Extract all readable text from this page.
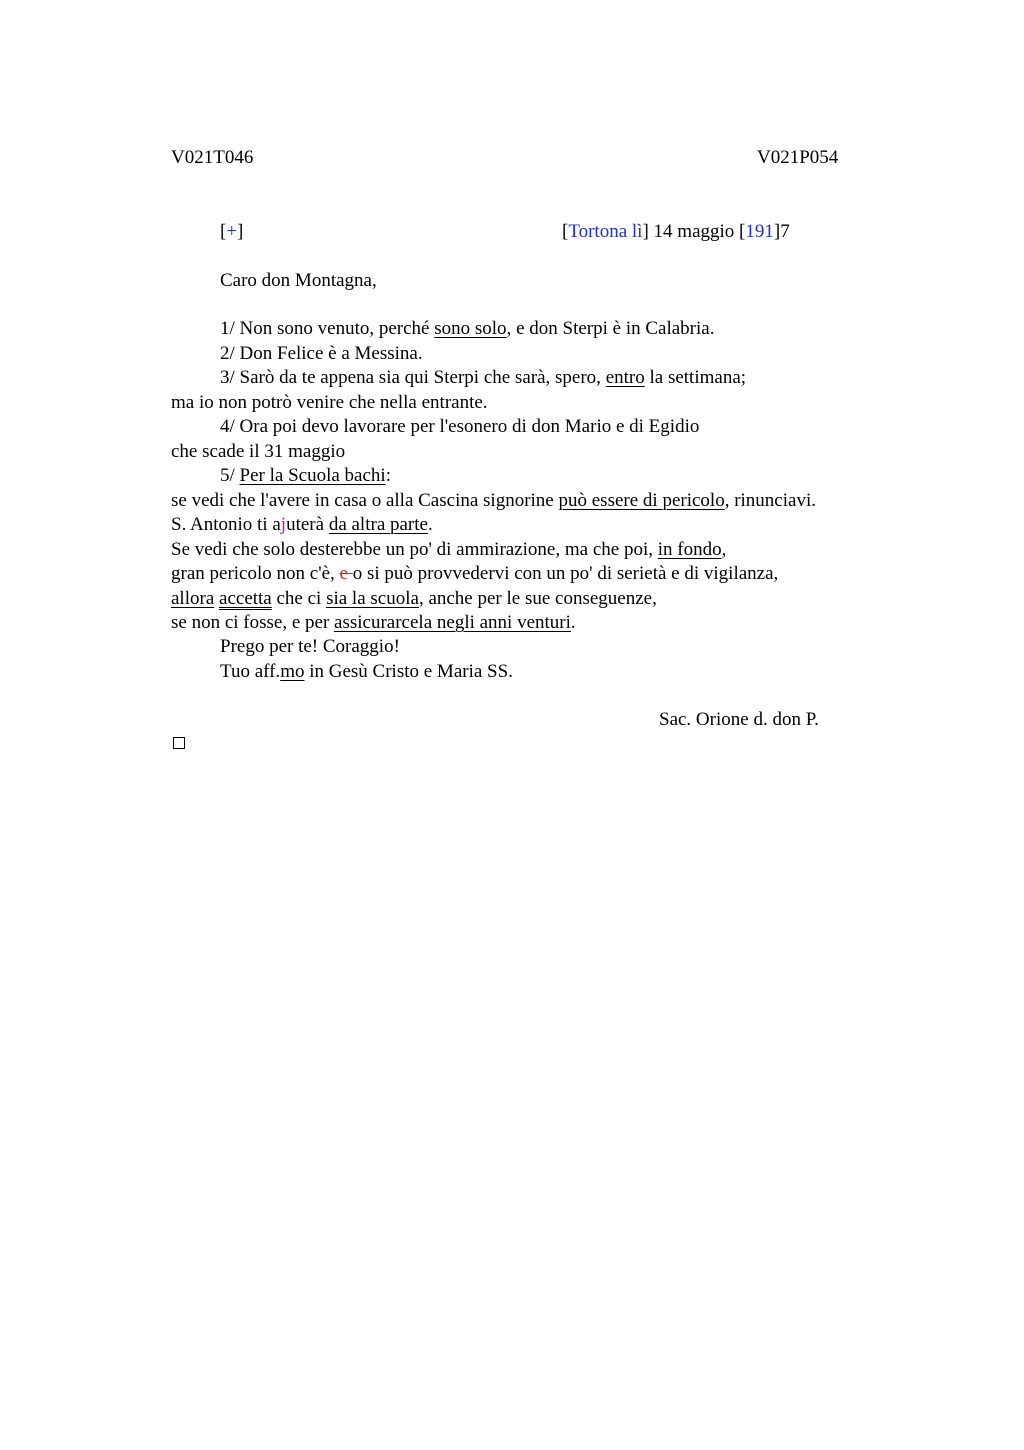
V021T046	V021P054
[+]	[Tortona lì] 14 maggio [191]7
Caro don Montagna,
1/ Non sono venuto, perché sono solo, e don Sterpi è in Calabria.
2/ Don Felice è a Messina.
3/ Sarò da te appena sia qui Sterpi che sarà, spero, entro la settimana;
ma io non potrò venire che nella entrante.
4/ Ora poi devo lavorare per l'esonero di don Mario e di Egidio
che scade il 31 maggio
5/ Per la Scuola bachi:
se vedi che l'avere in casa o alla Cascina signorine può essere di pericolo, rinunciavi.
S. Antonio ti ajuterà da altra parte.
Se vedi che solo desterebbe un po' di ammirazione, ma che poi, in fondo,
gran pericolo non c'è, e o si può provvedervi con un po' di serietà e di vigilanza,
allora accetta che ci sia la scuola, anche per le sue conseguenze,
se non ci fosse, e per assicurarcela negli anni venturi.
Prego per te! Coraggio!
Tuo aff.mo in Gesù Cristo e Maria SS.
Sac. Orione d. don P.
